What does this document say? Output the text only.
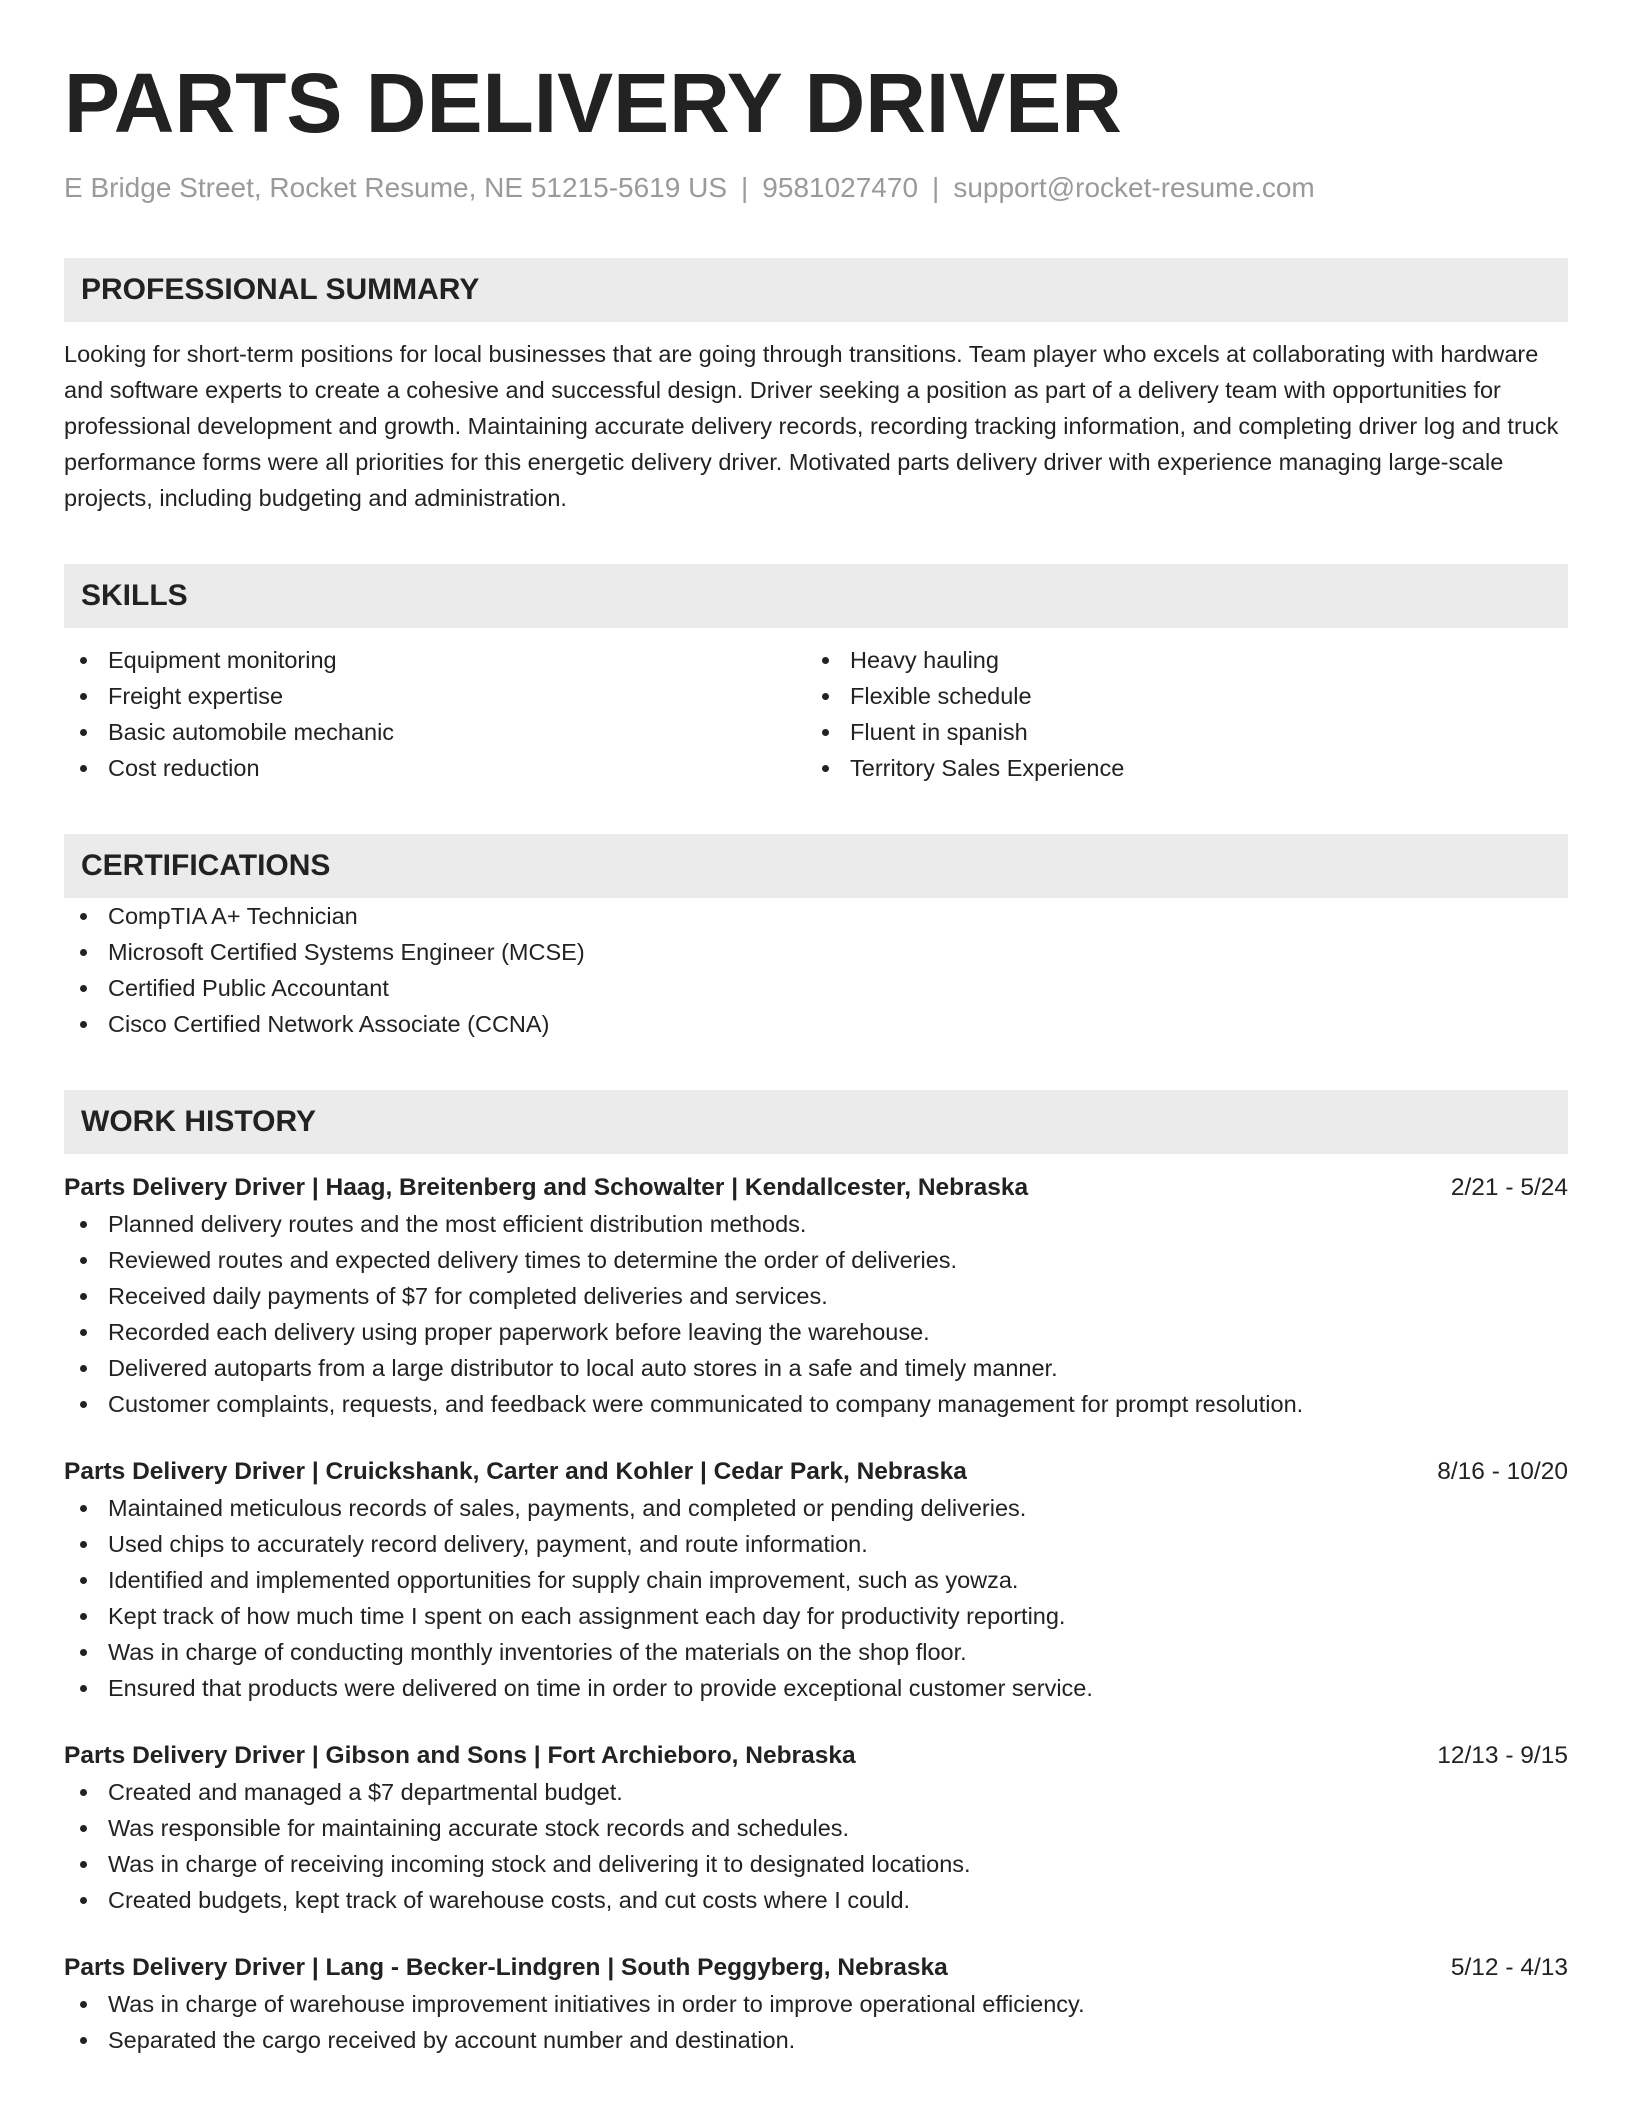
PARTS DELIVERY DRIVER
E Bridge Street, Rocket Resume, NE 51215-5619 US | 9581027470 | support@rocket-resume.com
PROFESSIONAL SUMMARY
Looking for short-term positions for local businesses that are going through transitions. Team player who excels at collaborating with hardware and software experts to create a cohesive and successful design. Driver seeking a position as part of a delivery team with opportunities for professional development and growth. Maintaining accurate delivery records, recording tracking information, and completing driver log and truck performance forms were all priorities for this energetic delivery driver. Motivated parts delivery driver with experience managing large-scale projects, including budgeting and administration.
SKILLS
Equipment monitoring
Freight expertise
Basic automobile mechanic
Cost reduction
Heavy hauling
Flexible schedule
Fluent in spanish
Territory Sales Experience
CERTIFICATIONS
CompTIA A+ Technician
Microsoft Certified Systems Engineer (MCSE)
Certified Public Accountant
Cisco Certified Network Associate (CCNA)
WORK HISTORY
Parts Delivery Driver | Haag, Breitenberg and Schowalter | Kendallcester, Nebraska	2/21 - 5/24
Planned delivery routes and the most efficient distribution methods.
Reviewed routes and expected delivery times to determine the order of deliveries.
Received daily payments of $7 for completed deliveries and services.
Recorded each delivery using proper paperwork before leaving the warehouse.
Delivered autoparts from a large distributor to local auto stores in a safe and timely manner.
Customer complaints, requests, and feedback were communicated to company management for prompt resolution.
Parts Delivery Driver | Cruickshank, Carter and Kohler | Cedar Park, Nebraska	8/16 - 10/20
Maintained meticulous records of sales, payments, and completed or pending deliveries.
Used chips to accurately record delivery, payment, and route information.
Identified and implemented opportunities for supply chain improvement, such as yowza.
Kept track of how much time I spent on each assignment each day for productivity reporting.
Was in charge of conducting monthly inventories of the materials on the shop floor.
Ensured that products were delivered on time in order to provide exceptional customer service.
Parts Delivery Driver | Gibson and Sons | Fort Archieboro, Nebraska	12/13 - 9/15
Created and managed a $7 departmental budget.
Was responsible for maintaining accurate stock records and schedules.
Was in charge of receiving incoming stock and delivering it to designated locations.
Created budgets, kept track of warehouse costs, and cut costs where I could.
Parts Delivery Driver | Lang - Becker-Lindgren | South Peggyberg, Nebraska	5/12 - 4/13
Was in charge of warehouse improvement initiatives in order to improve operational efficiency.
Separated the cargo received by account number and destination.
